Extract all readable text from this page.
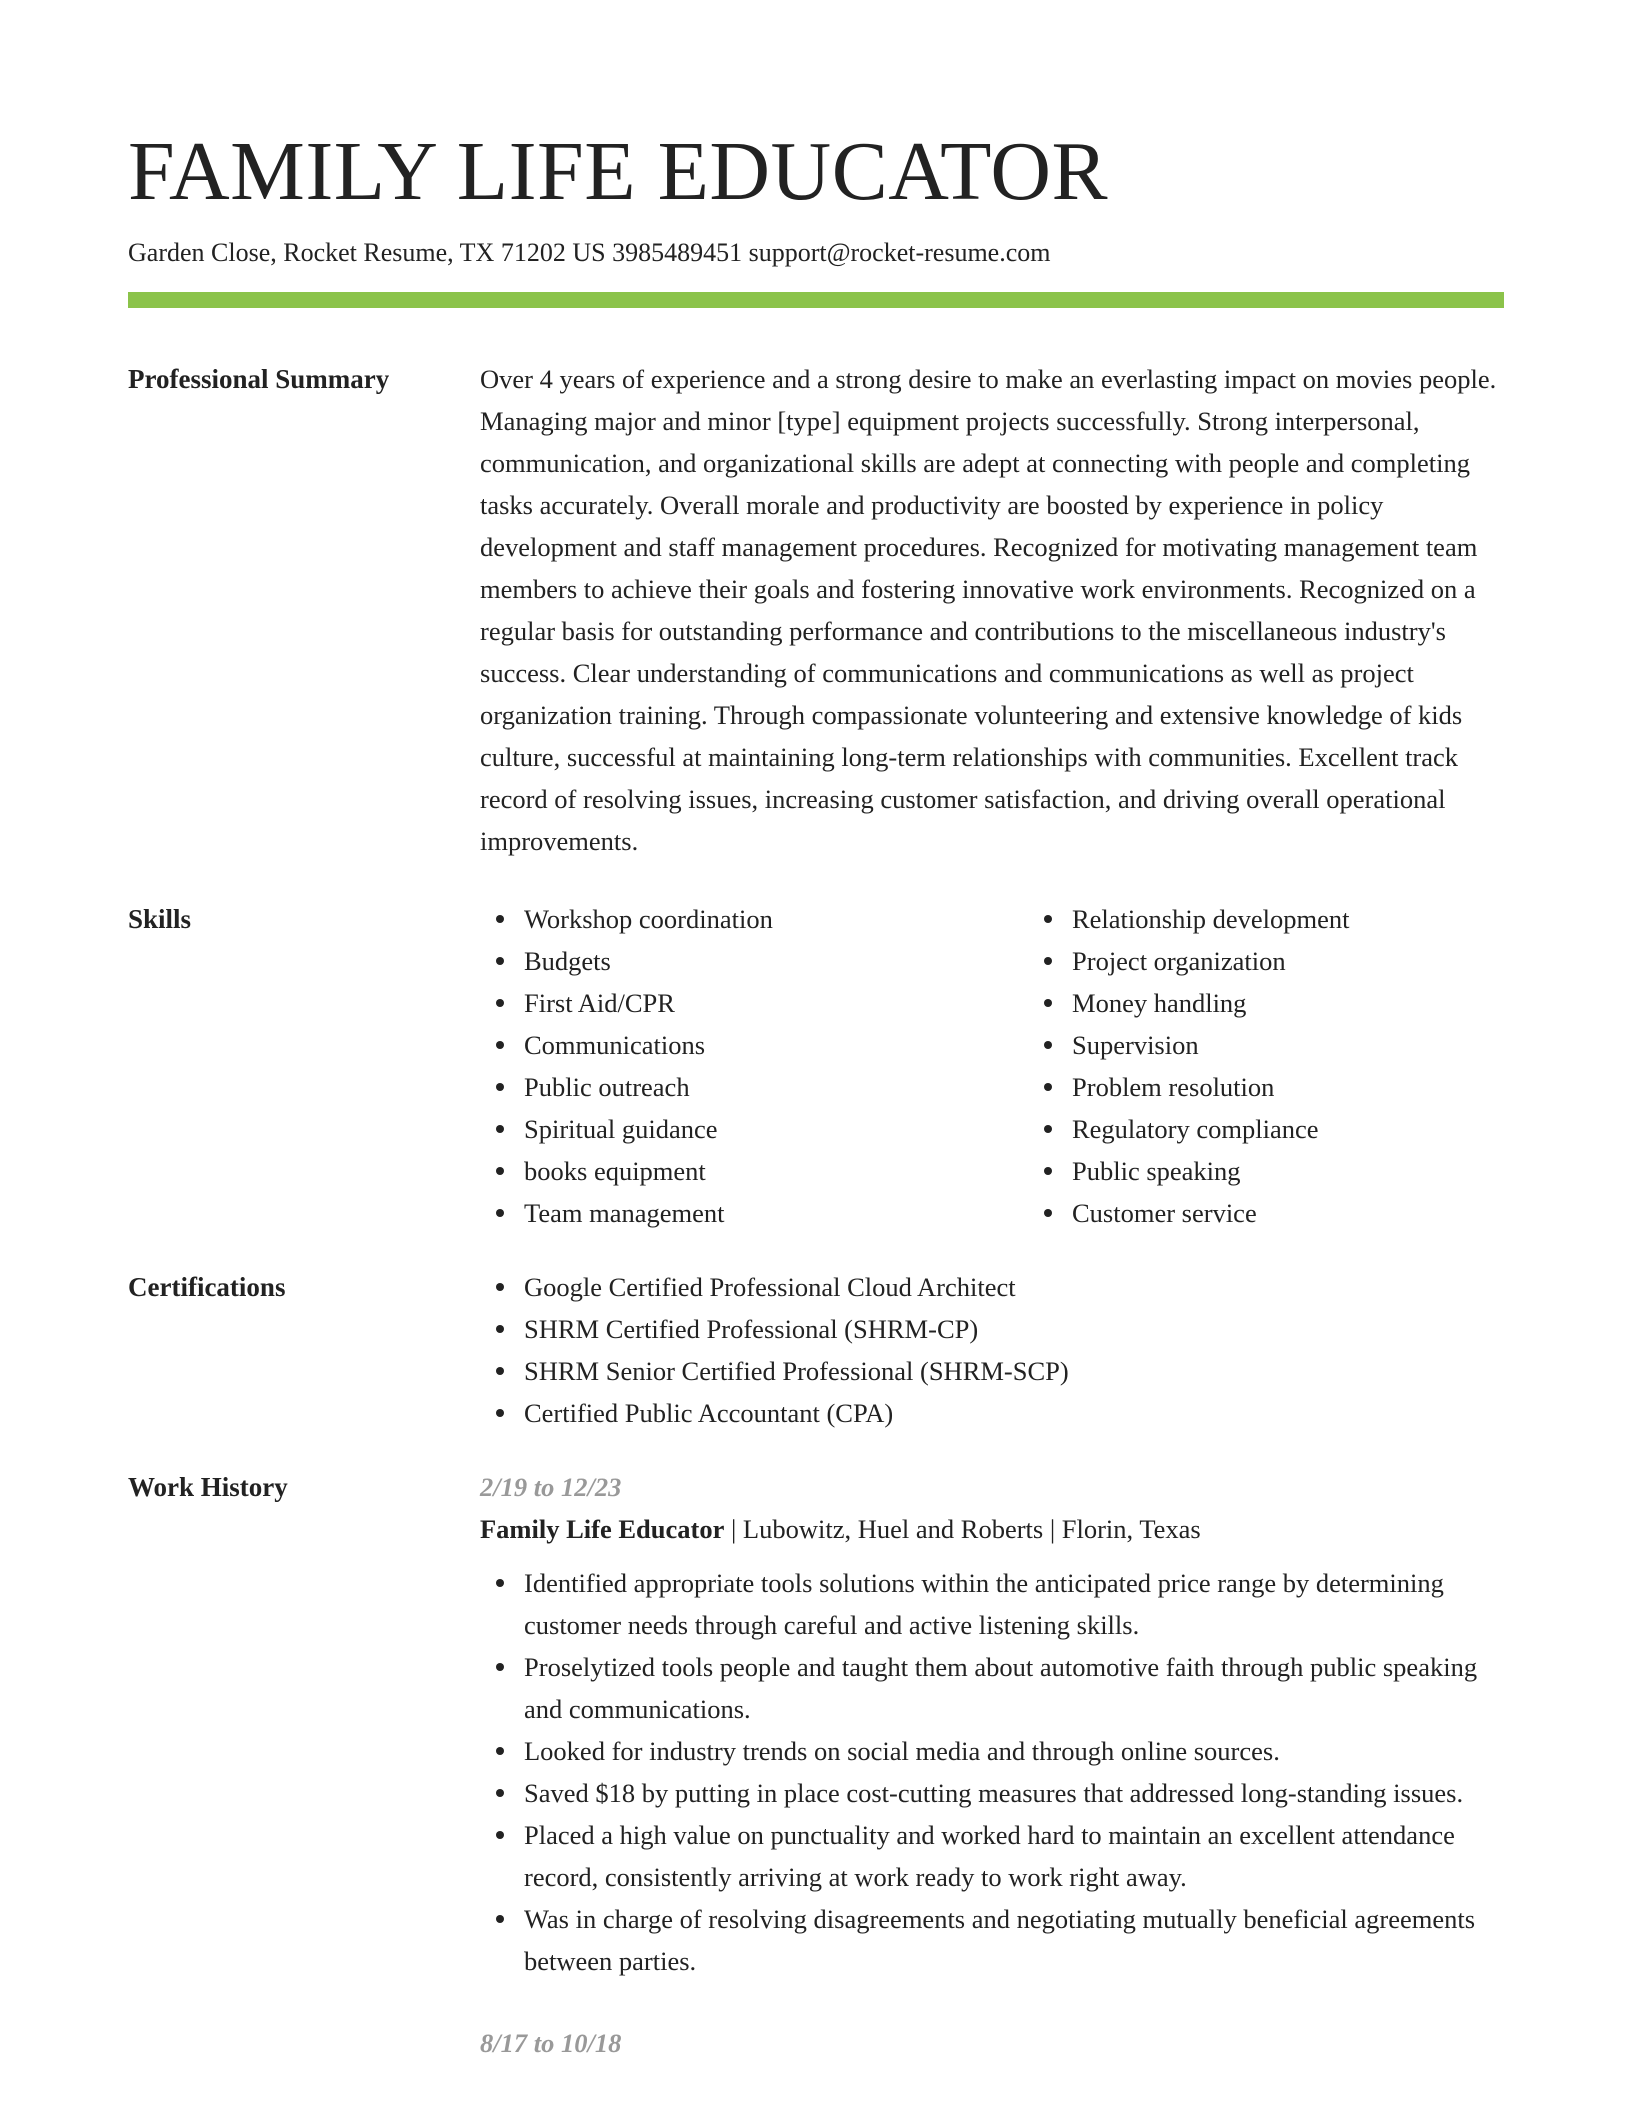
FAMILY LIFE EDUCATOR
Garden Close, Rocket Resume, TX 71202 US 3985489451 support@rocket-resume.com
Professional Summary	Over 4 years of experience and a strong desire to make an everlasting impact on movies people. Managing major and minor [type] equipment projects successfully. Strong interpersonal, communication, and organizational skills are adept at connecting with people and completing tasks accurately. Overall morale and productivity are boosted by experience in policy development and staff management procedures. Recognized for motivating management team members to achieve their goals and fostering innovative work environments. Recognized on a regular basis for outstanding performance and contributions to the miscellaneous industry's success. Clear understanding of communications and communications as well as project organization training. Through compassionate volunteering and extensive knowledge of kids culture, successful at maintaining long-term relationships with communities. Excellent track record of resolving issues, increasing customer satisfaction, and driving overall operational improvements.
Skills	Workshop coordination
Budgets
First Aid/CPR
Communications
Public outreach
Spiritual guidance
books equipment
Team management
Relationship development
Project organization
Money handling
Supervision
Problem resolution
Regulatory compliance
Public speaking
Customer service
Certifications	Google Certified Professional Cloud Architect
SHRM Certified Professional (SHRM-CP)
SHRM Senior Certified Professional (SHRM-SCP)
Certified Public Accountant (CPA)
Work History	2/19 to 12/23
Family Life Educator | Lubowitz, Huel and Roberts | Florin, Texas
Identified appropriate tools solutions within the anticipated price range by determining customer needs through careful and active listening skills.
Proselytized tools people and taught them about automotive faith through public speaking and communications.
Looked for industry trends on social media and through online sources.
Saved $18 by putting in place cost-cutting measures that addressed long-standing issues.
Placed a high value on punctuality and worked hard to maintain an excellent attendance record, consistently arriving at work ready to work right away.
Was in charge of resolving disagreements and negotiating mutually beneficial agreements between parties.
8/17 to 10/18
